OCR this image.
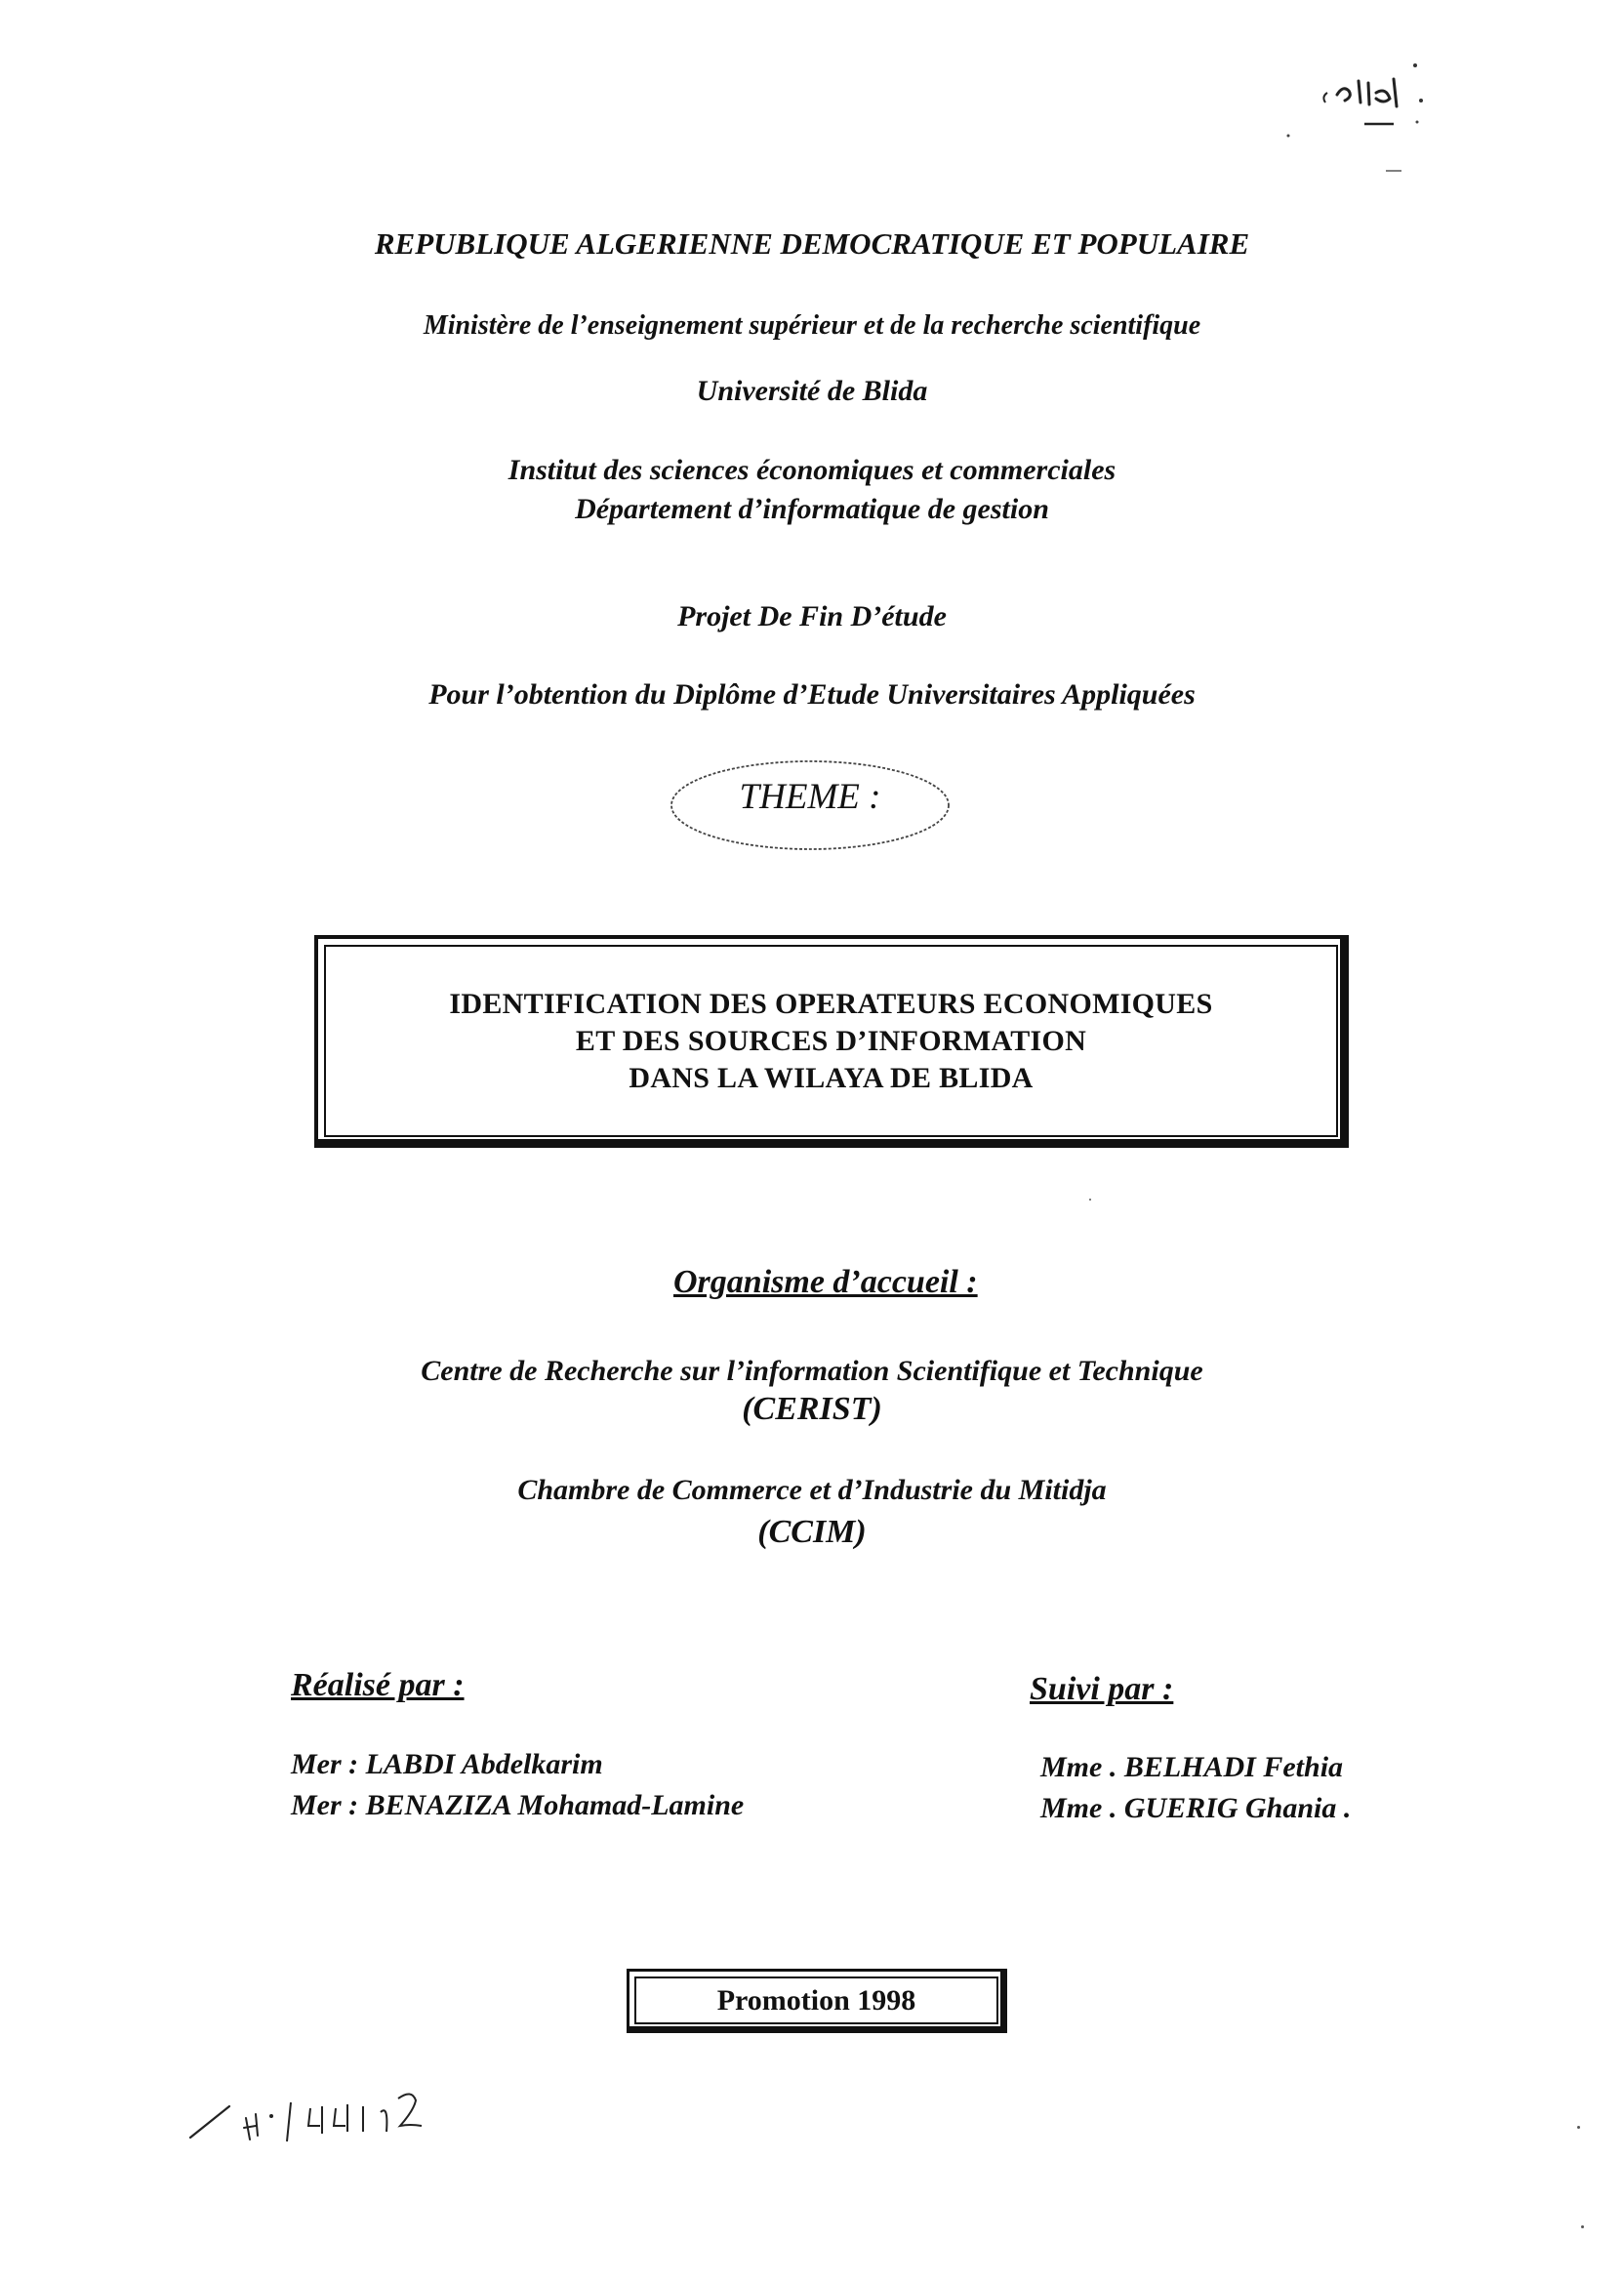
REPUBLIQUE ALGERIENNE DEMOCRATIQUE ET POPULAIRE
Ministère de l’enseignement supérieur et de la recherche scientifique
Université de Blida
Institut des sciences économiques et commerciales
Département d’informatique de gestion
Projet De Fin D’étude
Pour l’obtention du Diplôme d’Etude Universitaires Appliquées
THEME :
IDENTIFICATION DES OPERATEURS ECONOMIQUES
ET DES SOURCES D’INFORMATION
DANS LA WILAYA DE BLIDA
Organisme d’accueil :
Centre de Recherche sur l’information Scientifique et Technique
(CERIST)
Chambre de Commerce et d’Industrie du Mitidja
(CCIM)
Réalisé par :	Suivi par :
Mer : LABDI Abdelkarim
Mer : BENAZIZA Mohamad-Lamine
Mme . BELHADI Fethia
Mme . GUERIG Ghania .
Promotion 1998
